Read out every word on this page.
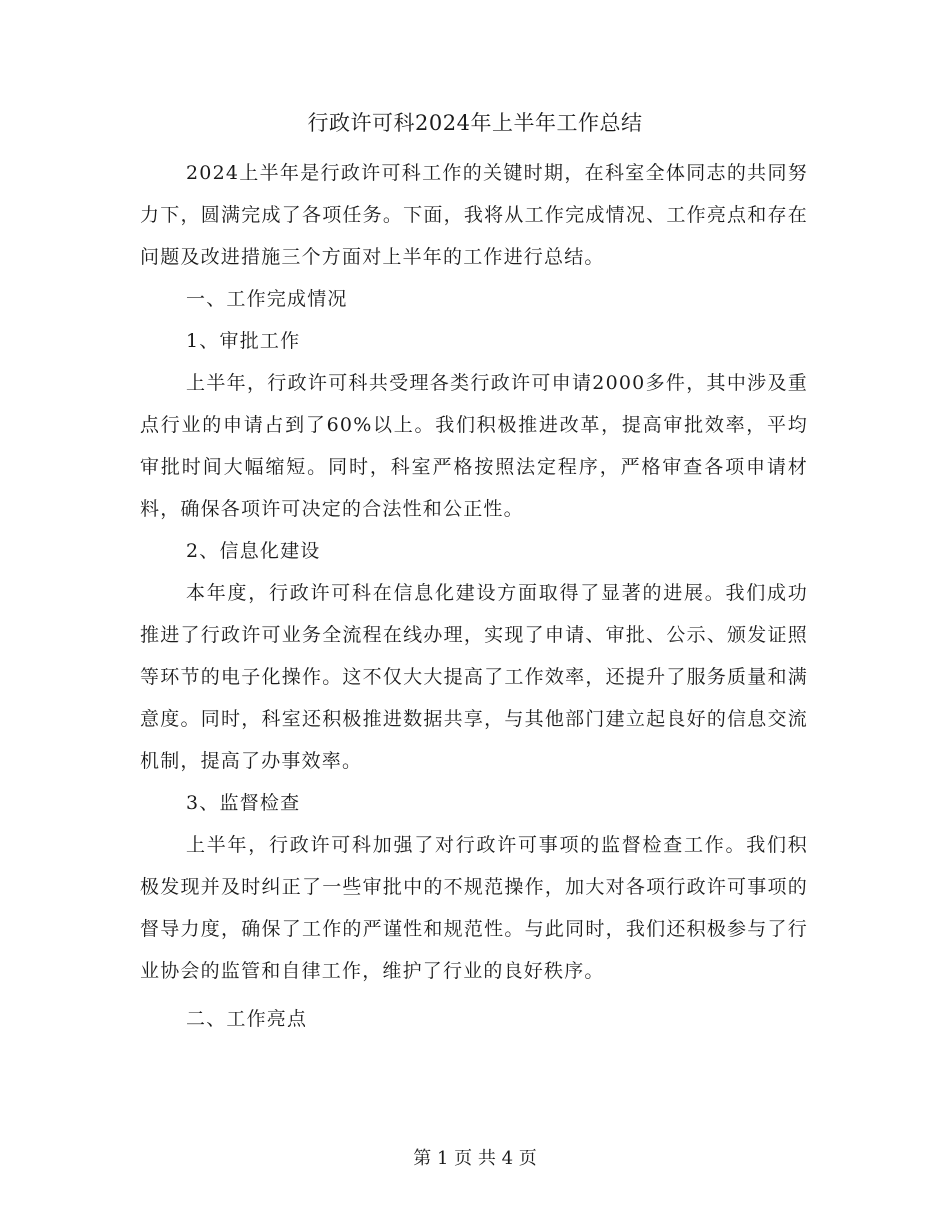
行政许可科2024年上半年工作总结

2024上半年是行政许可科工作的关键时期，在科室全体同志的共同努力下，圆满完成了各项任务。下面，我将从工作完成情况、工作亮点和存在问题及改进措施三个方面对上半年的工作进行总结。

一、工作完成情况

1、审批工作

上半年，行政许可科共受理各类行政许可申请2000多件，其中涉及重点行业的申请占到了60%以上。我们积极推进改革，提高审批效率，平均审批时间大幅缩短。同时，科室严格按照法定程序，严格审查各项申请材料，确保各项许可决定的合法性和公正性。

2、信息化建设

本年度，行政许可科在信息化建设方面取得了显著的进展。我们成功推进了行政许可业务全流程在线办理，实现了申请、审批、公示、颁发证照等环节的电子化操作。这不仅大大提高了工作效率，还提升了服务质量和满意度。同时，科室还积极推进数据共享，与其他部门建立起良好的信息交流机制，提高了办事效率。

3、监督检查

上半年，行政许可科加强了对行政许可事项的监督检查工作。我们积极发现并及时纠正了一些审批中的不规范操作，加大对各项行政许可事项的督导力度，确保了工作的严谨性和规范性。与此同时，我们还积极参与了行业协会的监管和自律工作，维护了行业的良好秩序。

二、工作亮点

第 1 页 共 4 页
